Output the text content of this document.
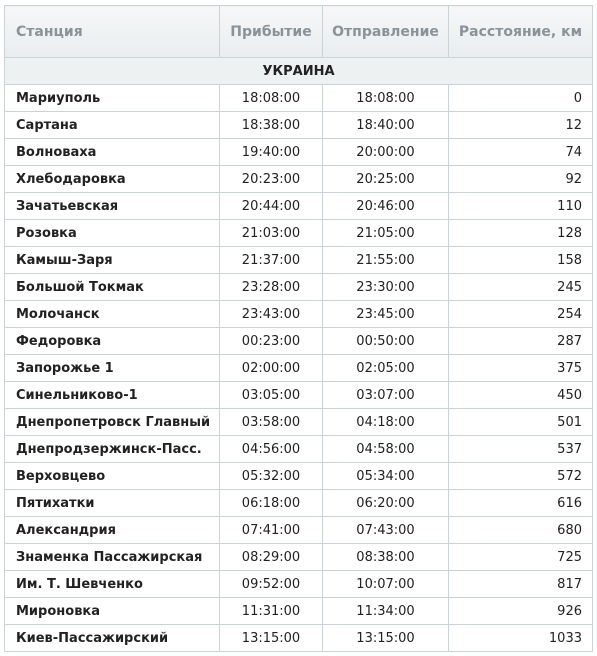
Станция	Прибытие	Отправление	Расстояние, км
УКРАИНА			
Мариуполь	18:08:00	18:08:00	0
Сартана	18:38:00	18:40:00	12
Волноваха	19:40:00	20:00:00	74
Хлебодаровка	20:23:00	20:25:00	92
Зачатьевская	20:44:00	20:46:00	110
Розовка	21:03:00	21:05:00	128
Камыш-Заря	21:37:00	21:55:00	158
Большой Токмак	23:28:00	23:30:00	245
Молочанск	23:43:00	23:45:00	254
Федоровка	00:23:00	00:50:00	287
Запорожье 1	02:00:00	02:05:00	375
Синельниково-1	03:05:00	03:07:00	450
Днепропетровск Главный	03:58:00	04:18:00	501
Днепродзержинск-Пасс.	04:56:00	04:58:00	537
Верховцево	05:32:00	05:34:00	572
Пятихатки	06:18:00	06:20:00	616
Александрия	07:41:00	07:43:00	680
Знаменка Пассажирская	08:29:00	08:38:00	725
Им. Т. Шевченко	09:52:00	10:07:00	817
Мироновка	11:31:00	11:34:00	926
Киев-Пассажирский	13:15:00	13:15:00	1033
